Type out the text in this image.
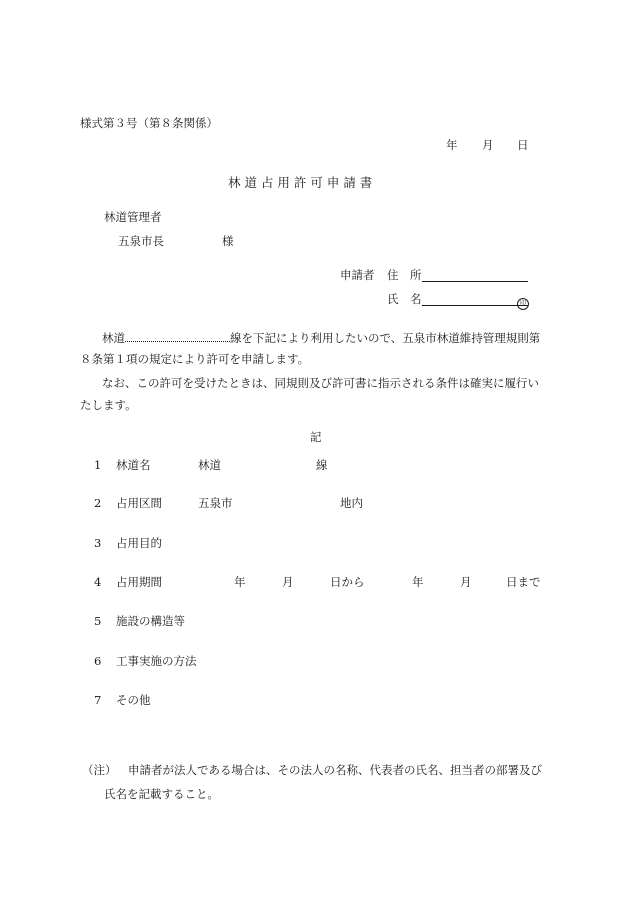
様式第３号（第８条関係）
年 月 日
林 道 占 用 許 可 申 請 書
林道管理者
五泉市長	様
申請者 住　所
氏　名	印
林道	線を下記により利用したいので、五泉市林道維持管理規則第
８条第１項の規定により許可を申請します。
なお、この許可を受けたときは、同規則及び許可書に指示される条件は確実に履行い
たします。
記
1 林道名	林道	線
2 占用区間	五泉市	地内
3 占用目的
4 占用期間	年	月	日から	年	月	日まで
5 施設の構造等
6 工事実施の方法
7 その他
（注） 申請者が法人である場合は、その法人の名称、代表者の氏名、担当者の部署及び
氏名を記載すること。
